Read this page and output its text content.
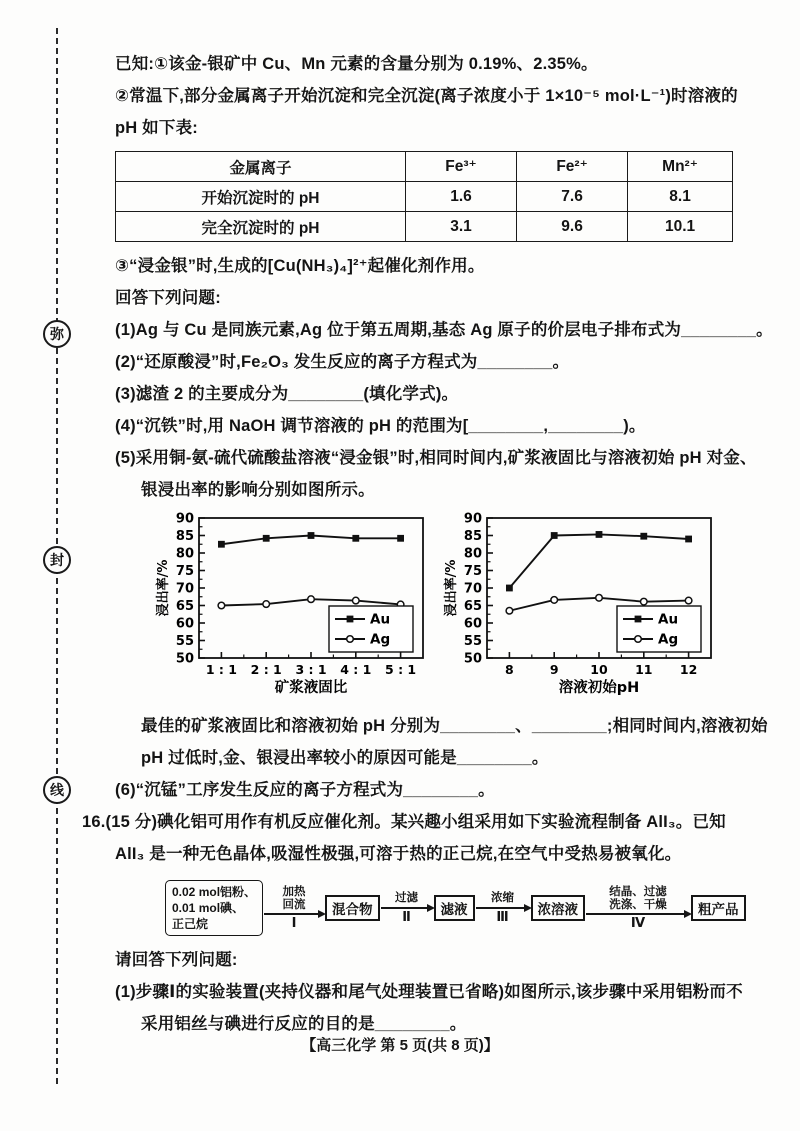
弥
封
线

已知:①该金-银矿中 Cu、Mn 元素的含量分别为 0.19%、2.35%。

②常温下,部分金属离子开始沉淀和完全沉淀(离子浓度小于 1×10⁻⁵ mol·L⁻¹)时溶液的

pH 如下表:

金属离子	Fe³⁺	Fe²⁺	Mn²⁺
开始沉淀时的 pH	1.6	7.6	8.1
完全沉淀时的 pH	3.1	9.6	10.1

③“浸金银”时,生成的[Cu(NH₃)₄]²⁺起催化剂作用。

回答下列问题:

(1)Ag 与 Cu 是同族元素,Ag 位于第五周期,基态 Ag 原子的价层电子排布式为________。

(2)“还原酸浸”时,Fe₂O₃ 发生反应的离子方程式为________。

(3)滤渣 2 的主要成分为________(填化学式)。

(4)“沉铁”时,用 NaOH 调节溶液的 pH 的范围为[________,________)。

(5)采用铜-氨-硫代硫酸盐溶液“浸金银”时,相同时间内,矿浆液固比与溶液初始 pH 对金、

银浸出率的影响分别如图所示。

50
55
60
65
70
75
80
85
90
1 : 1 2 : 1 3 : 1 4 : 1 5 : 1
矿浆液固比
浸出率/%
Au
Ag
50
55
60
65
70
75
80
85
90
8	9	10 11 12
溶液初始pH
浸出率/%
Au
Ag

最佳的矿浆液固比和溶液初始 pH 分别为________、________;相同时间内,溶液初始

pH 过低时,金、银浸出率较小的原因可能是________。

(6)“沉锰”工序发生反应的离子方程式为________。

16.(15 分)碘化铝可用作有机反应催化剂。某兴趣小组采用如下实验流程制备 AlI₃。已知

AlI₃ 是一种无色晶体,吸湿性极强,可溶于热的正己烷,在空气中受热易被氧化。

0.02 mol铝粉、
0.01 mol碘、
正己烷
加热
回流
Ⅰ
混合物
过滤
Ⅱ	滤液
浓缩
Ⅲ	浓溶液
结晶、过滤
洗涤、干燥
Ⅳ
粗产品

请回答下列问题:

(1)步骤Ⅰ的实验装置(夹持仪器和尾气处理装置已省略)如图所示,该步骤中采用铝粉而不

采用铝丝与碘进行反应的目的是________。

【高三化学 第 5 页(共 8 页)】
